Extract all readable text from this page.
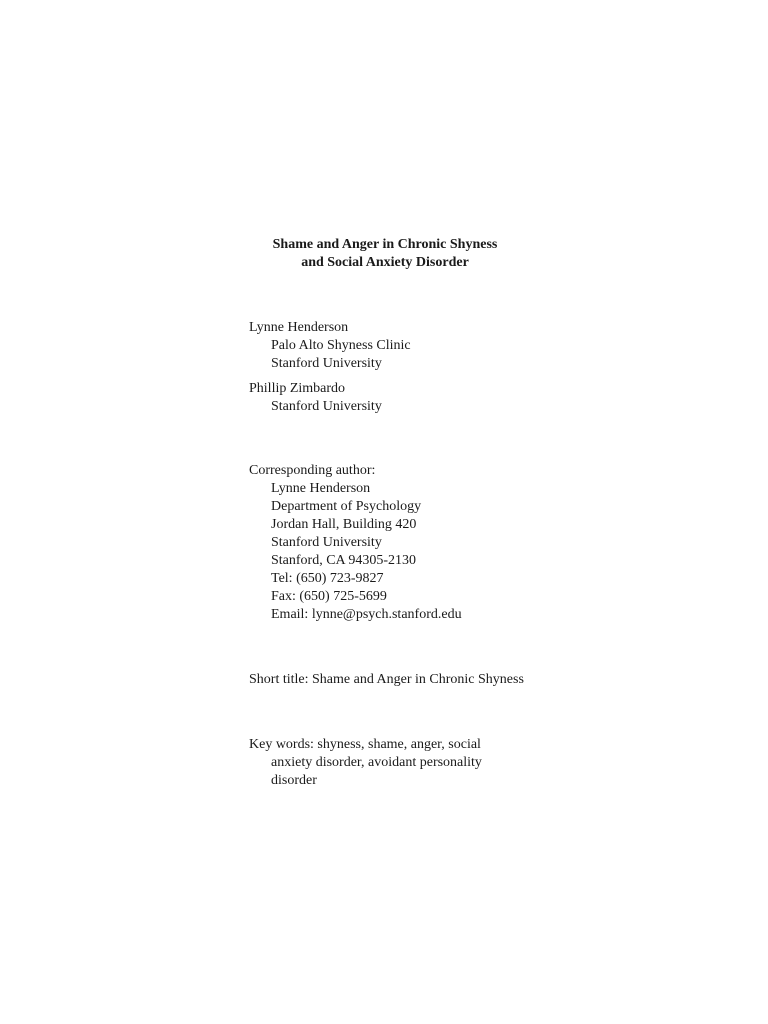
Shame and Anger in Chronic Shyness
and Social Anxiety Disorder
Lynne Henderson
Palo Alto Shyness Clinic
Stanford University
Phillip Zimbardo
Stanford University
Corresponding author:
Lynne Henderson
Department of Psychology
Jordan Hall, Building 420
Stanford University
Stanford, CA 94305-2130
Tel: (650) 723-9827
Fax: (650) 725-5699
Email: lynne@psych.stanford.edu
Short title: Shame and Anger in Chronic Shyness
Key words: shyness, shame, anger, social
anxiety disorder, avoidant personality
disorder
